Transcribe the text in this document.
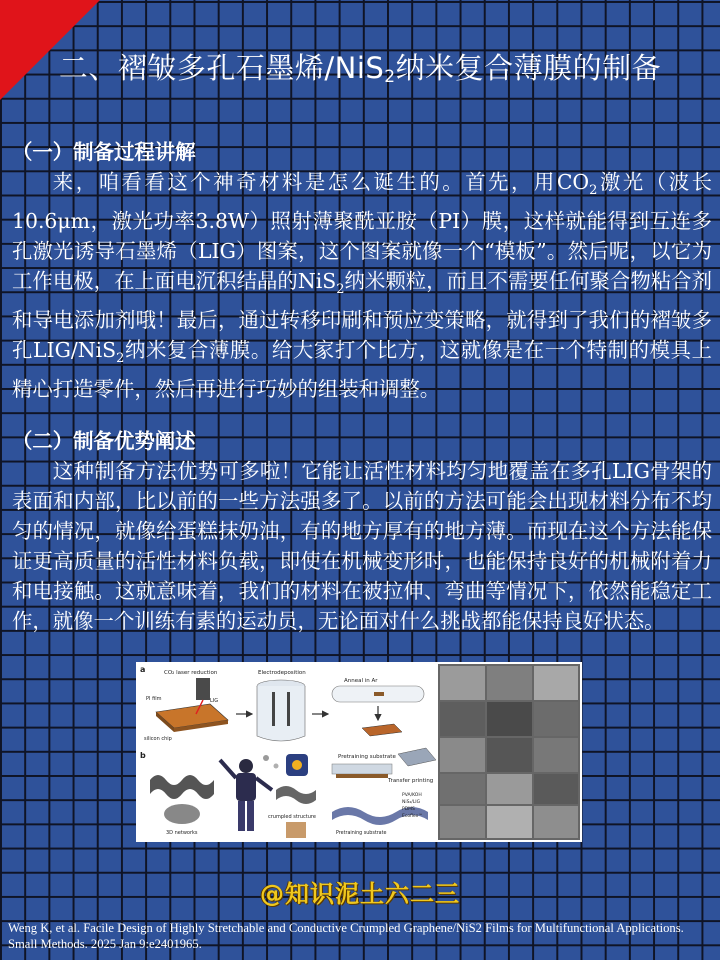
二、褶皱多孔石墨烯/NiS$_2$纳米复合薄膜的制备
（一）制备过程讲解
来，咱看看这个神奇材料是怎么诞生的。首先，用$CO_2$激光（波长10.6μm，激光功率3.8W）照射薄聚酰亚胺（PI）膜，这样就能得到互连多孔激光诱导石墨烯（LIG）图案，这个图案就像一个“模板”。然后呢，以它为工作电极，在上面电沉积结晶的NiS$_2$纳米颗粒，而且不需要任何聚合物粘合剂和导电添加剂哦！最后，通过转移印刷和预应变策略，就得到了我们的褶皱多孔LIG/NiS$_2$纳米复合薄膜。给大家打个比方，这就像是在一个特制的模具上精心打造零件，然后再进行巧妙的组装和调整。
（二）制备优势阐述
这种制备方法优势可多啦！它能让活性材料均匀地覆盖在多孔LIG骨架的表面和内部，比以前的一些方法强多了。以前的方法可能会出现材料分布不均匀的情况，就像给蛋糕抹奶油，有的地方厚有的地方薄。而现在这个方法能保证更高质量的活性材料负载，即使在机械变形时，也能保持良好的机械附着力和电接触。这就意味着，我们的材料在被拉伸、弯曲等情况下，依然能稳定工作，就像一个训练有素的运动员，无论面对什么挑战都能保持良好状态。
a	CO₂ laser reduction
PI film	LIG
silicon chip
Electrodeposition
Anneal in Ar
b
3D networks
crumpled structure
Pretraining substrate
Transfer printing
Pretraining substrate
PVA/KOH
NiS₂/LIG
PDMS
Ecoflex™
@知识泥土六二三
Weng K, et al. Facile Design of Highly Stretchable and Conductive Crumpled Graphene/NiS2 Films for Multifunctional Applications. Small Methods. 2025 Jan 9:e2401965.
